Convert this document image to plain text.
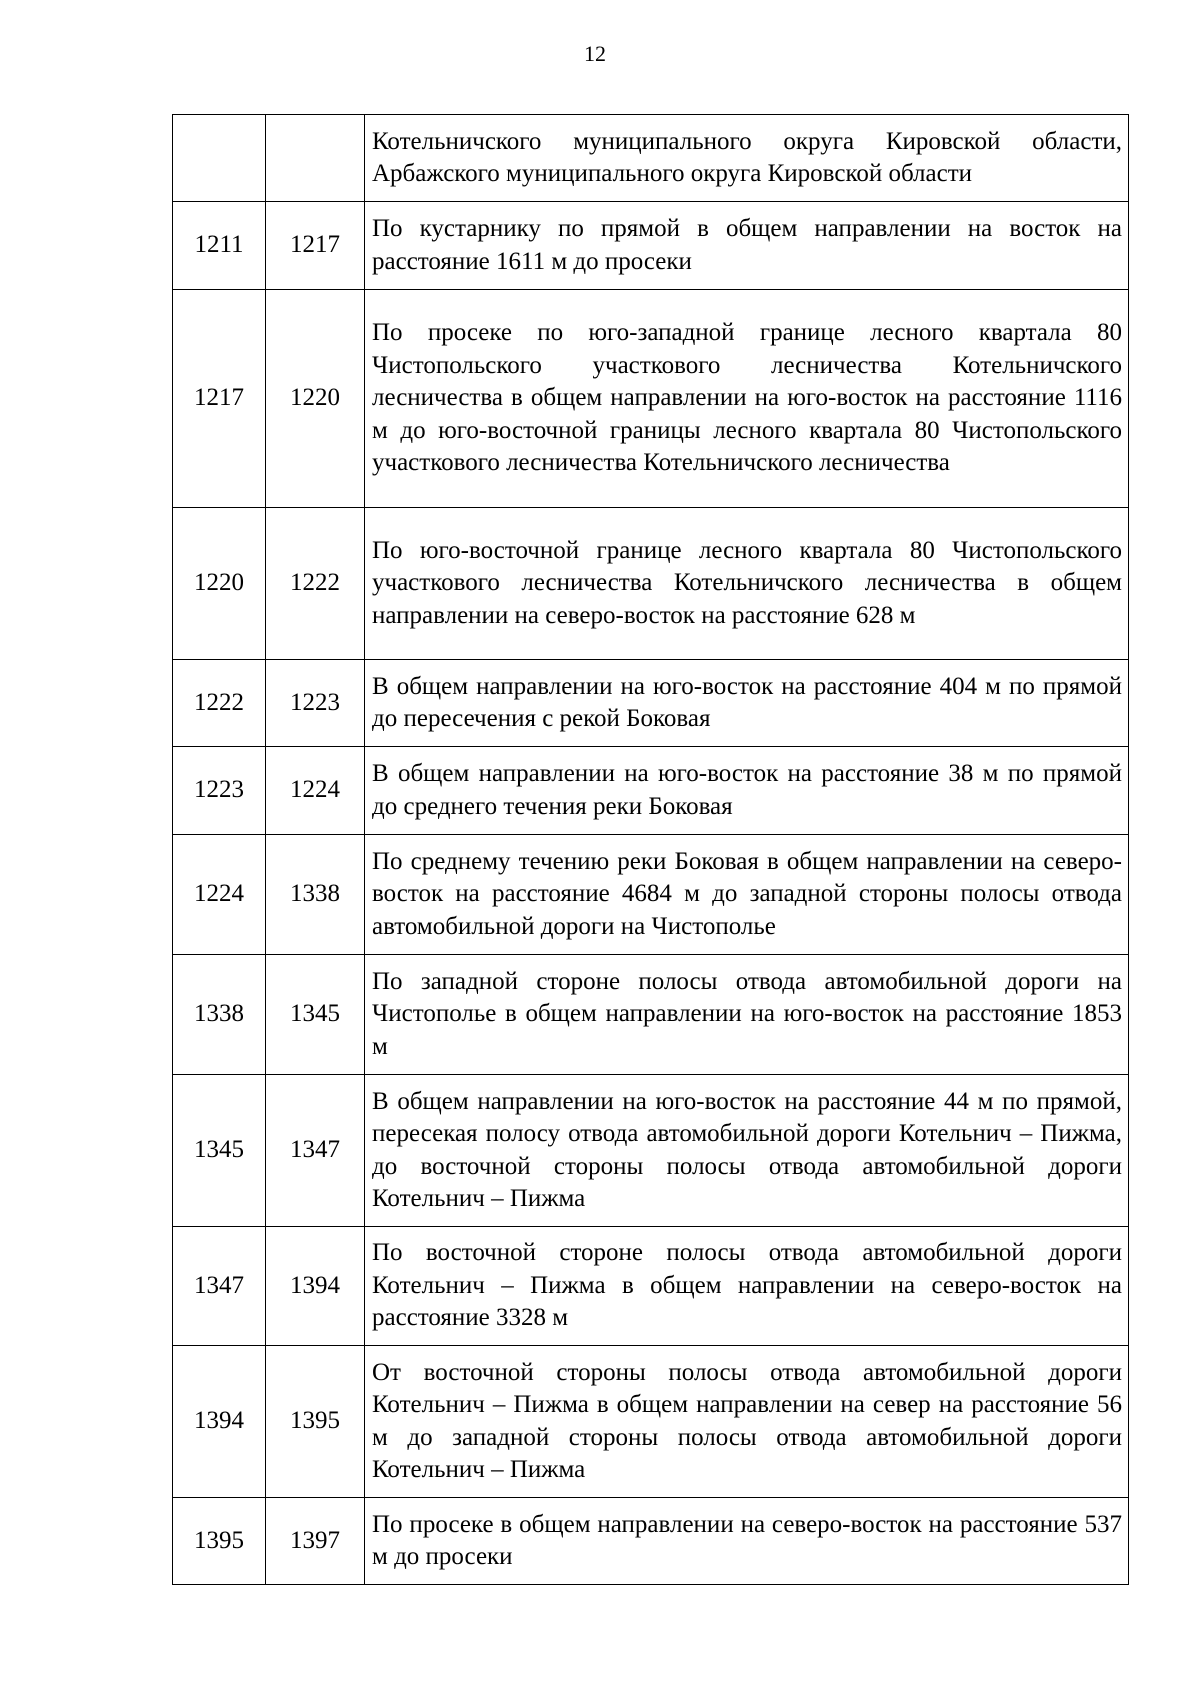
12
		Котельничского муниципального округа Кировской области, Арбажского муниципального округа Кировской области
1211	1217	По кустарнику по прямой в общем направлении на восток на расстояние 1611 м до просеки
1217	1220	По просеке по юго-западной границе лесного квартала 80 Чистопольского участкового лесничества Котельничского лесничества в общем направлении на юго-восток на расстояние 1116 м до юго-восточной границы лесного квартала 80 Чистопольского участкового лесничества Котельничского лесничества
1220	1222	По юго-восточной границе лесного квартала 80 Чистопольского участкового лесничества Котельничского лесничества в общем направлении на северо-восток на расстояние 628 м
1222	1223	В общем направлении на юго-восток на расстояние 404 м по прямой до пересечения с рекой Боковая
1223	1224	В общем направлении на юго-восток на расстояние 38 м по прямой до среднего течения реки Боковая
1224	1338	По среднему течению реки Боковая в общем направлении на северо-восток на расстояние 4684 м до западной стороны полосы отвода автомобильной дороги на Чистополье
1338	1345	По западной стороне полосы отвода автомобильной дороги на Чистополье в общем направлении на юго-восток на расстояние 1853 м
1345	1347	В общем направлении на юго-восток на расстояние 44 м по прямой, пересекая полосу отвода автомобильной дороги Котельнич – Пижма, до восточной стороны полосы отвода автомобильной дороги Котельнич – Пижма
1347	1394	По восточной стороне полосы отвода автомобильной дороги Котельнич – Пижма в общем направлении на северо-восток на расстояние 3328 м
1394	1395	От восточной стороны полосы отвода автомобильной дороги Котельнич – Пижма в общем направлении на север на расстояние 56 м до западной стороны полосы отвода автомобильной дороги Котельнич – Пижма
1395	1397	По просеке в общем направлении на северо-восток на расстояние 537 м до просеки
